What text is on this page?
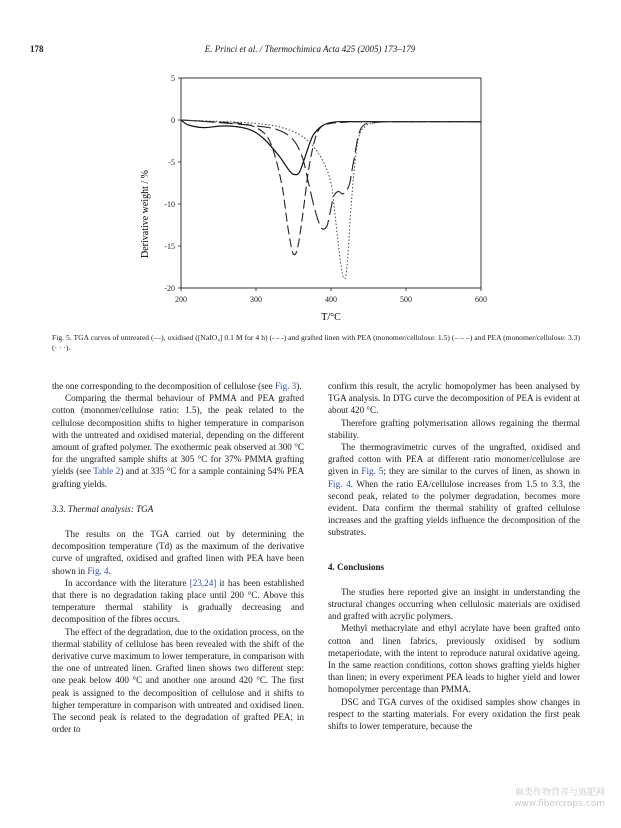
178	E. Princi et al. / Thermochimica Acta 425 (2005) 173–179
200	300	400	500	600
5
0
-5
-10
-15
-20
Derivative weight / %
T/°C
Fig. 5. TGA curves of untreated (—), oxidised ([NaIO₄] 0.1 M for 4 h) (- - -) and grafted linen with PEA (monomer/cellulose: 1.5) (– – –) and PEA (monomer/cellulose: 3.3) (· · ·).

the one corresponding to the decomposition of cellulose (see Fig. 3).

Comparing the thermal behaviour of PMMA and PEA grafted cotton (monomer/cellulose ratio: 1.5), the peak related to the cellulose decomposition shifts to higher temperature in comparison with the untreated and oxidised material, depending on the different amount of grafted polymer. The exothermic peak observed at 300 °C for the ungrafted sample shifts at 305 °C for 37% PMMA grafting yields (see Table 2) and at 335 °C for a sample containing 54% PEA grafting yields.

3.3. Thermal analysis: TGA

The results on the TGA carried out by determining the decomposition temperature (Td) as the maximum of the derivative curve of ungrafted, oxidised and grafted linen with PEA have been shown in Fig. 4.

In accordance with the literature [23,24] it has been established that there is no degradation taking place until 200 °C. Above this temperature thermal stability is gradually decreasing and decomposition of the fibres occurs.

The effect of the degradation, due to the oxidation process, on the thermal stability of cellulose has been revealed with the shift of the derivative curve maximum to lower temperature, in comparison with the one of untreated linen. Grafted linen shows two different step: one peak below 400 °C and another one around 420 °C. The first peak is assigned to the decomposition of cellulose and it shifts to higher temperature in comparison with untreated and oxidised linen. The second peak is related to the degradation of grafted PEA; in order to

confirm this result, the acrylic homopolymer has been analysed by TGA analysis. In DTG curve the decomposition of PEA is evident at about 420 °C.

Therefore grafting polymerisation allows regaining the thermal stability.

The thermogravimetric curves of the ungrafted, oxidised and grafted cotton with PEA at different ratio monomer/cellulose are given in Fig. 5; they are similar to the curves of linen, as shown in Fig. 4. When the ratio EA/cellulose increases from 1.5 to 3.3, the second peak, related to the polymer degradation, becomes more evident. Data confirm the thermal stability of grafted cellulose increases and the grafting yields influence the decomposition of the substrates.

4. Conclusions

The studies here reported give an insight in understanding the structural changes occurring when cellulosic materials are oxidised and grafted with acrylic polymers.

Methyl methacrylate and ethyl acrylate have been grafted onto cotton and linen fabrics, previously oxidised by sodium metaperiodate, with the intent to reproduce natural oxidative ageing. In the same reaction conditions, cotton shows grafting yields higher than linen; in every experiment PEA leads to higher yield and lower homopolymer percentage than PMMA.

DSC and TGA curves of the oxidised samples show changes in respect to the starting materials. For every oxidation the first peak shifts to lower temperature, because the

麻类作物营养与施肥网
www.fibercrops.com
